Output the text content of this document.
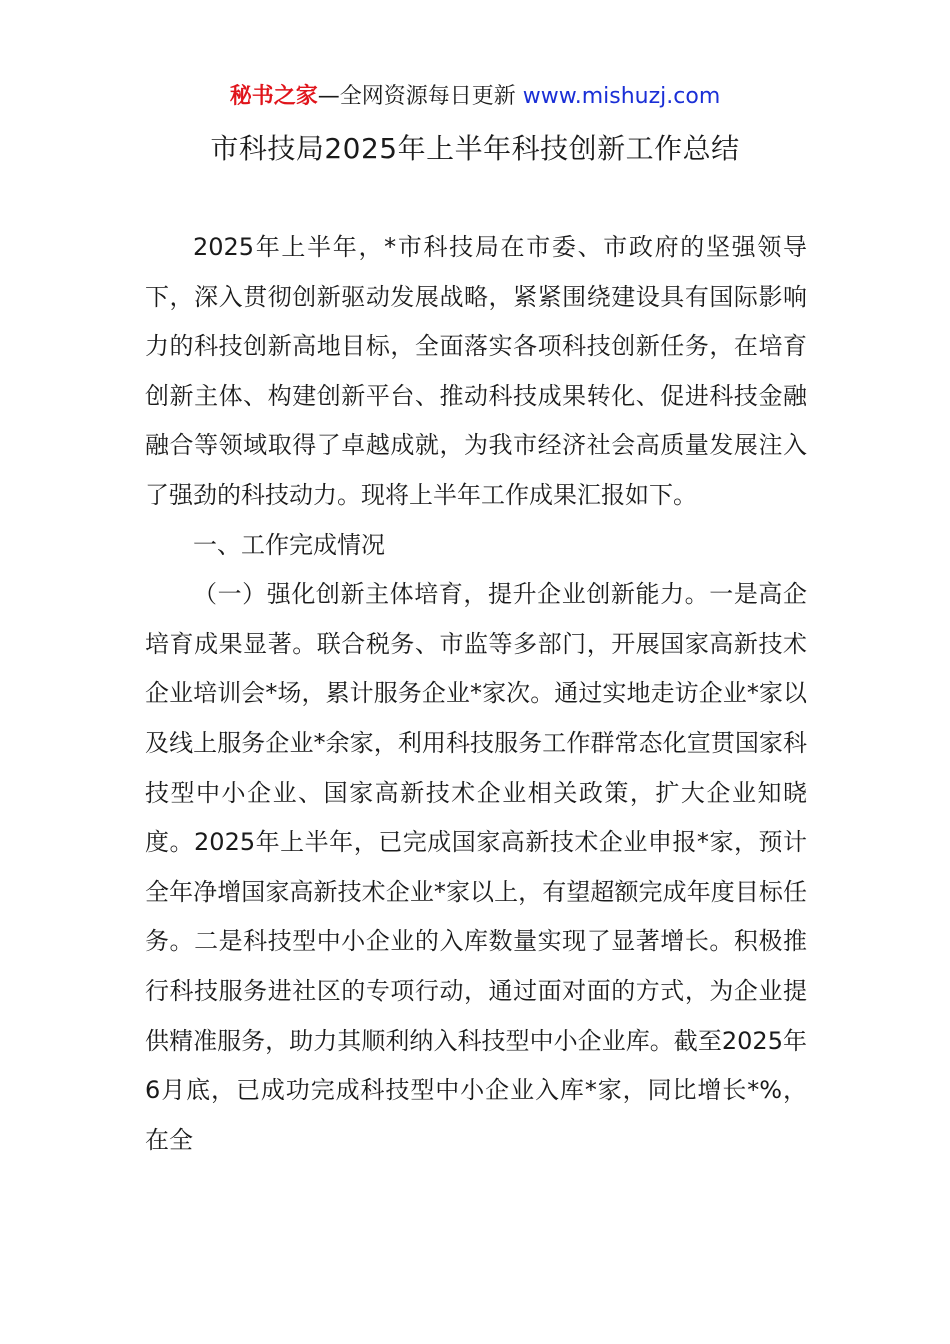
秘书之家—全网资源每日更新 www.mishuzj.com
市科技局2025年上半年科技创新工作总结

2025年上半年，*市科技局在市委、市政府的坚强领导下，深入贯彻创新驱动发展战略，紧紧围绕建设具有国际影响力的科技创新高地目标，全面落实各项科技创新任务，在培育创新主体、构建创新平台、推动科技成果转化、促进科技金融融合等领域取得了卓越成就，为我市经济社会高质量发展注入了强劲的科技动力。现将上半年工作成果汇报如下。

一、工作完成情况

（一）强化创新主体培育，提升企业创新能力。一是高企培育成果显著。联合税务、市监等多部门，开展国家高新技术企业培训会*场，累计服务企业*家次。通过实地走访企业*家以及线上服务企业*余家，利用科技服务工作群常态化宣贯国家科技型中小企业、国家高新技术企业相关政策，扩大企业知晓度。2025年上半年，已完成国家高新技术企业申报*家，预计全年净增国家高新技术企业*家以上，有望超额完成年度目标任务。二是科技型中小企业的入库数量实现了显著增长。积极推行科技服务进社区的专项行动，通过面对面的方式，为企业提供精准服务，助力其顺利纳入科技型中小企业库。截至2025年6月底，已成功完成科技型中小企业入库*家，同比增长*%，在全
